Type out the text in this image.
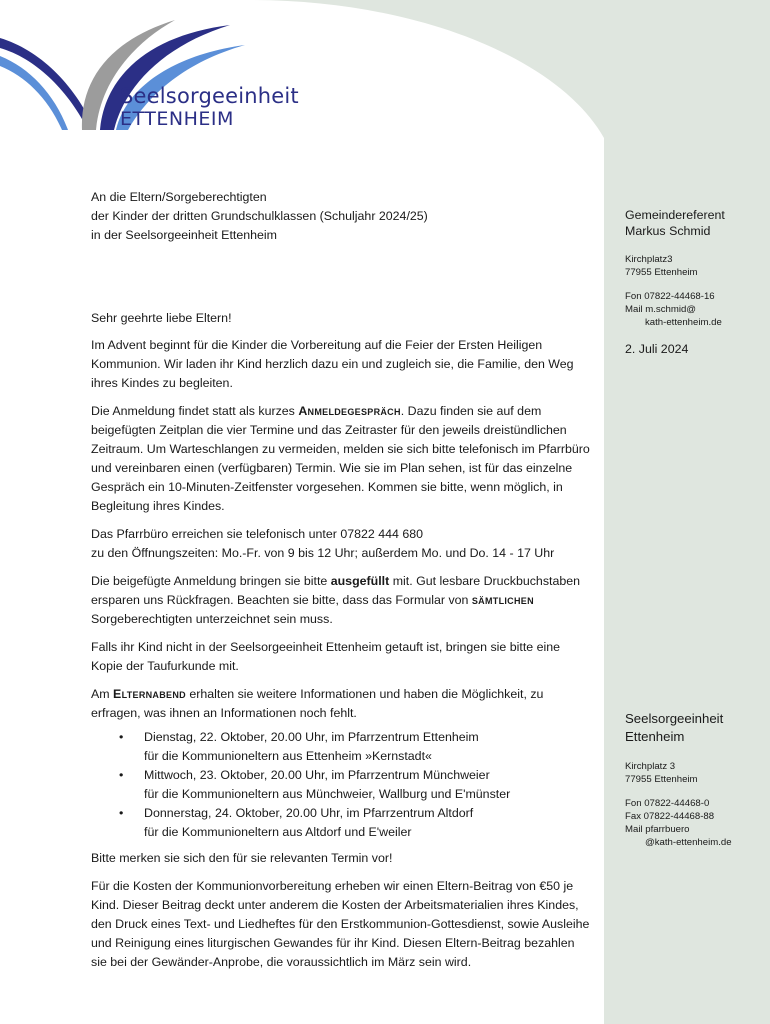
Seelsorgeeinheit
ETTENHEIM

An die Eltern/Sorgeberechtigten

der Kinder der dritten Grundschulklassen (Schuljahr 2024/25)

in der Seelsorgeeinheit Ettenheim

Sehr geehrte liebe Eltern!

Im Advent beginnt für die Kinder die Vorbereitung auf die Feier der Ersten Heiligen Kommunion. Wir laden ihr Kind herzlich dazu ein und zugleich sie, die Familie, den Weg ihres Kindes zu begleiten.

Die Anmeldung findet statt als kurzes Anmeldegespräch. Dazu finden sie auf dem beigefügten Zeitplan die vier Termine und das Zeitraster für den jeweils dreistündlichen Zeitraum. Um Warteschlangen zu vermeiden, melden sie sich bitte telefonisch im Pfarrbüro und vereinbaren einen (verfügbaren) Termin. Wie sie im Plan sehen, ist für das einzelne Gespräch ein 10-Minuten-Zeitfenster vorgesehen. Kommen sie bitte, wenn möglich, in Begleitung ihres Kindes.

Das Pfarrbüro erreichen sie telefonisch unter 07822 444 680
zu den Öffnungszeiten: Mo.-Fr. von 9 bis 12 Uhr; außerdem Mo. und Do. 14 - 17 Uhr

Die beigefügte Anmeldung bringen sie bitte ausgefüllt mit. Gut lesbare Druckbuchstaben ersparen uns Rückfragen. Beachten sie bitte, dass das Formular von sämtlichen Sorgeberechtigten unterzeichnet sein muss.

Falls ihr Kind nicht in der Seelsorgeeinheit Ettenheim getauft ist, bringen sie bitte eine Kopie der Taufurkunde mit.

Am Elternabend erhalten sie weitere Informationen und haben die Möglichkeit, zu erfragen, was ihnen an Informationen noch fehlt.

• Dienstag, 22. Oktober, 20.00 Uhr, im Pfarrzentrum Ettenheim
für die Kommunioneltern aus Ettenheim »Kernstadt«
• Mittwoch, 23. Oktober, 20.00 Uhr, im Pfarrzentrum Münchweier
für die Kommunioneltern aus Münchweier, Wallburg und E'münster
• Donnerstag, 24. Oktober, 20.00 Uhr, im Pfarrzentrum Altdorf
für die Kommunioneltern aus Altdorf und E'weiler

Bitte merken sie sich den für sie relevanten Termin vor!

Für die Kosten der Kommunionvorbereitung erheben wir einen Eltern-Beitrag von €50 je Kind. Dieser Beitrag deckt unter anderem die Kosten der Arbeitsmaterialien ihres Kindes, den Druck eines Text- und Liedheftes für den Erstkommunion-Gottesdienst, sowie Ausleihe und Reinigung eines liturgischen Gewandes für ihr Kind. Diesen Eltern-Beitrag bezahlen sie bei der Gewänder-Anprobe, die voraussichtlich im März sein wird.

Gemeindereferent
Markus Schmid

Kirchplatz3
77955 Ettenheim

Fon 07822-44468-16
Mail m.schmid@

kath-ettenheim.de

2. Juli 2024

Seelsorgeeinheit
Ettenheim

Kirchplatz 3
77955 Ettenheim

Fon 07822-44468-0
Fax 07822-44468-88
Mail pfarrbuero

@kath-ettenheim.de
